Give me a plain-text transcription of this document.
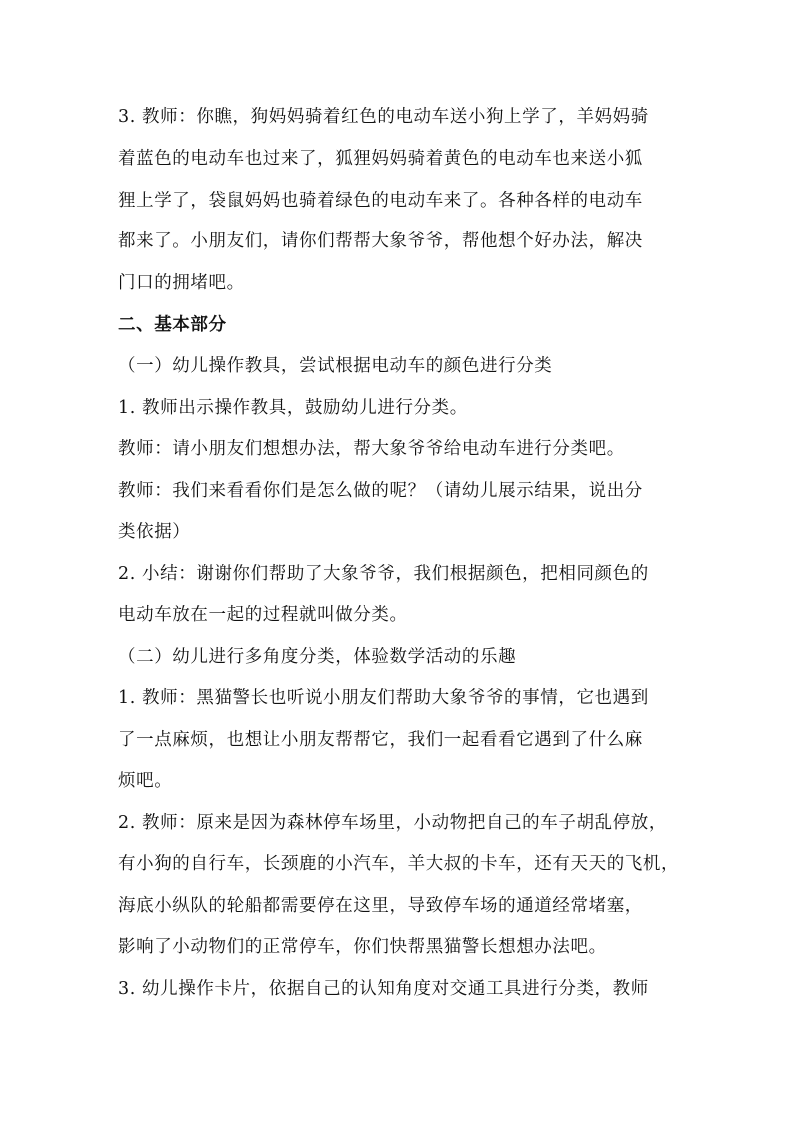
3. 教师：你瞧，狗妈妈骑着红色的电动车送小狗上学了，羊妈妈骑
着蓝色的电动车也过来了，狐狸妈妈骑着黄色的电动车也来送小狐
狸上学了，袋鼠妈妈也骑着绿色的电动车来了。各种各样的电动车
都来了。小朋友们，请你们帮帮大象爷爷，帮他想个好办法，解决
门口的拥堵吧。
二、基本部分
（一）幼儿操作教具，尝试根据电动车的颜色进行分类
1. 教师出示操作教具，鼓励幼儿进行分类。
教师：请小朋友们想想办法，帮大象爷爷给电动车进行分类吧。
教师：我们来看看你们是怎么做的呢？（请幼儿展示结果，说出分
类依据）
2. 小结：谢谢你们帮助了大象爷爷，我们根据颜色，把相同颜色的
电动车放在一起的过程就叫做分类。
（二）幼儿进行多角度分类，体验数学活动的乐趣
1. 教师：黑猫警长也听说小朋友们帮助大象爷爷的事情，它也遇到
了一点麻烦，也想让小朋友帮帮它，我们一起看看它遇到了什么麻
烦吧。
2. 教师：原来是因为森林停车场里，小动物把自己的车子胡乱停放，
有小狗的自行车，长颈鹿的小汽车，羊大叔的卡车，还有天天的飞机，
海底小纵队的轮船都需要停在这里，导致停车场的通道经常堵塞，
影响了小动物们的正常停车，你们快帮黑猫警长想想办法吧。
3. 幼儿操作卡片，依据自己的认知角度对交通工具进行分类，教师
